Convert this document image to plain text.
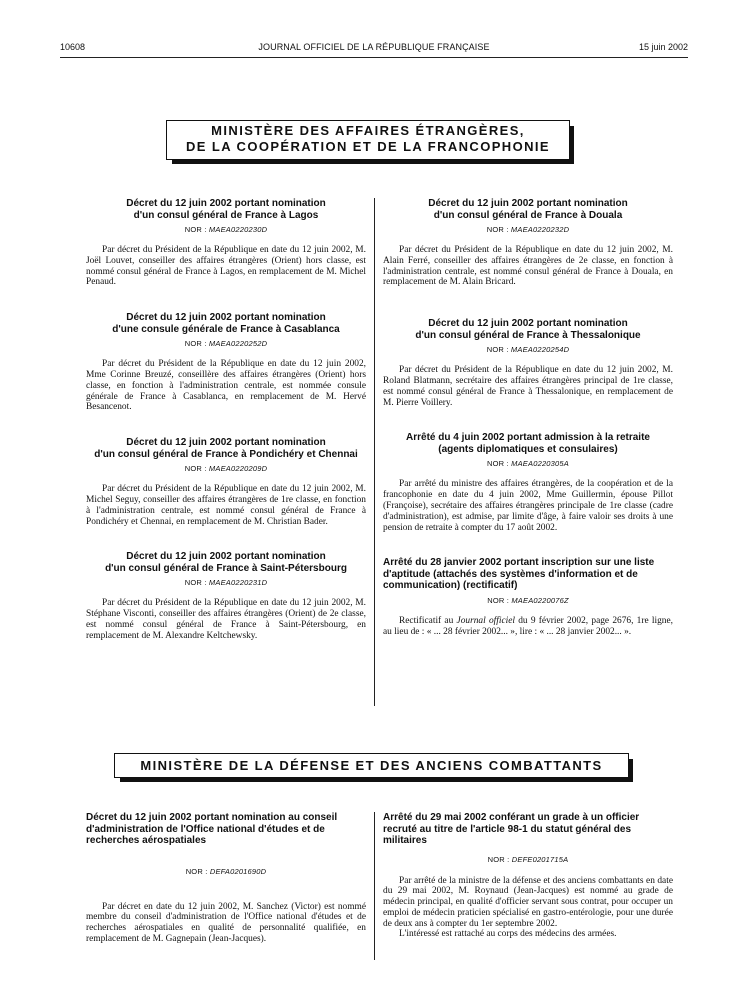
10608	JOURNAL OFFICIEL DE LA RÉPUBLIQUE FRANÇAISE	15 juin 2002
MINISTÈRE DES AFFAIRES ÉTRANGÈRES,
DE LA COOPÉRATION ET DE LA FRANCOPHONIE

Décret du 12 juin 2002 portant nomination
d'un consul général de France à Lagos

NOR : MAEA0220230D

Par décret du Président de la République en date du 12 juin 2002, M. Joël Louvet, conseiller des affaires étrangères (Orient) hors classe, est nommé consul général de France à Lagos, en remplacement de M. Michel Penaud.

Décret du 12 juin 2002 portant nomination
d'une consule générale de France à Casablanca

NOR : MAEA0220252D

Par décret du Président de la République en date du 12 juin 2002, Mme Corinne Breuzé, conseillère des affaires étrangères (Orient) hors classe, en fonction à l'administration centrale, est nommée consule générale de France à Casablanca, en remplacement de M. Hervé Besancenot.

Décret du 12 juin 2002 portant nomination
d'un consul général de France à Pondichéry et Chennai

NOR : MAEA0220209D

Par décret du Président de la République en date du 12 juin 2002, M. Michel Seguy, conseiller des affaires étrangères de 1re classe, en fonction à l'administration centrale, est nommé consul général de France à Pondichéry et Chennai, en remplacement de M. Christian Bader.

Décret du 12 juin 2002 portant nomination
d'un consul général de France à Saint-Pétersbourg

NOR : MAEA0220231D

Par décret du Président de la République en date du 12 juin 2002, M. Stéphane Visconti, conseiller des affaires étrangères (Orient) de 2e classe, est nommé consul général de France à Saint-Pétersbourg, en remplacement de M. Alexandre Keltchewsky.

Décret du 12 juin 2002 portant nomination
d'un consul général de France à Douala

NOR : MAEA0220232D

Par décret du Président de la République en date du 12 juin 2002, M. Alain Ferré, conseiller des affaires étrangères de 2e classe, en fonction à l'administration centrale, est nommé consul général de France à Douala, en remplacement de M. Alain Bricard.

Décret du 12 juin 2002 portant nomination
d'un consul général de France à Thessalonique

NOR : MAEA0220254D

Par décret du Président de la République en date du 12 juin 2002, M. Roland Blatmann, secrétaire des affaires étrangères principal de 1re classe, est nommé consul général de France à Thessalonique, en remplacement de M. Pierre Voillery.

Arrêté du 4 juin 2002 portant admission à la retraite
(agents diplomatiques et consulaires)

NOR : MAEA0220305A

Par arrêté du ministre des affaires étrangères, de la coopération et de la francophonie en date du 4 juin 2002, Mme Guillermin, épouse Pillot (Françoise), secrétaire des affaires étrangères principale de 1re classe (cadre d'administration), est admise, par limite d'âge, à faire valoir ses droits à une pension de retraite à compter du 17 août 2002.

Arrêté du 28 janvier 2002 portant inscription sur une liste d'aptitude (attachés des systèmes d'information et de communication) (rectificatif)

NOR : MAEA0220076Z

Rectificatif au Journal officiel du 9 février 2002, page 2676, 1re ligne, au lieu de : « ... 28 février 2002... », lire : « ... 28 janvier 2002... ».

MINISTÈRE DE LA DÉFENSE ET DES ANCIENS COMBATTANTS

Décret du 12 juin 2002 portant nomination au conseil d'administration de l'Office national d'études et de recherches aérospatiales

NOR : DEFA0201690D

Par décret en date du 12 juin 2002, M. Sanchez (Victor) est nommé membre du conseil d'administration de l'Office national d'études et de recherches aérospatiales en qualité de personnalité qualifiée, en remplacement de M. Gagnepain (Jean-Jacques).

Arrêté du 29 mai 2002 conférant un grade à un officier recruté au titre de l'article 98-1 du statut général des militaires

NOR : DEFE0201715A

Par arrêté de la ministre de la défense et des anciens combattants en date du 29 mai 2002, M. Roynaud (Jean-Jacques) est nommé au grade de médecin principal, en qualité d'officier servant sous contrat, pour occuper un emploi de médecin praticien spécialisé en gastro-entérologie, pour une durée de deux ans à compter du 1er septembre 2002.

L'intéressé est rattaché au corps des médecins des armées.
